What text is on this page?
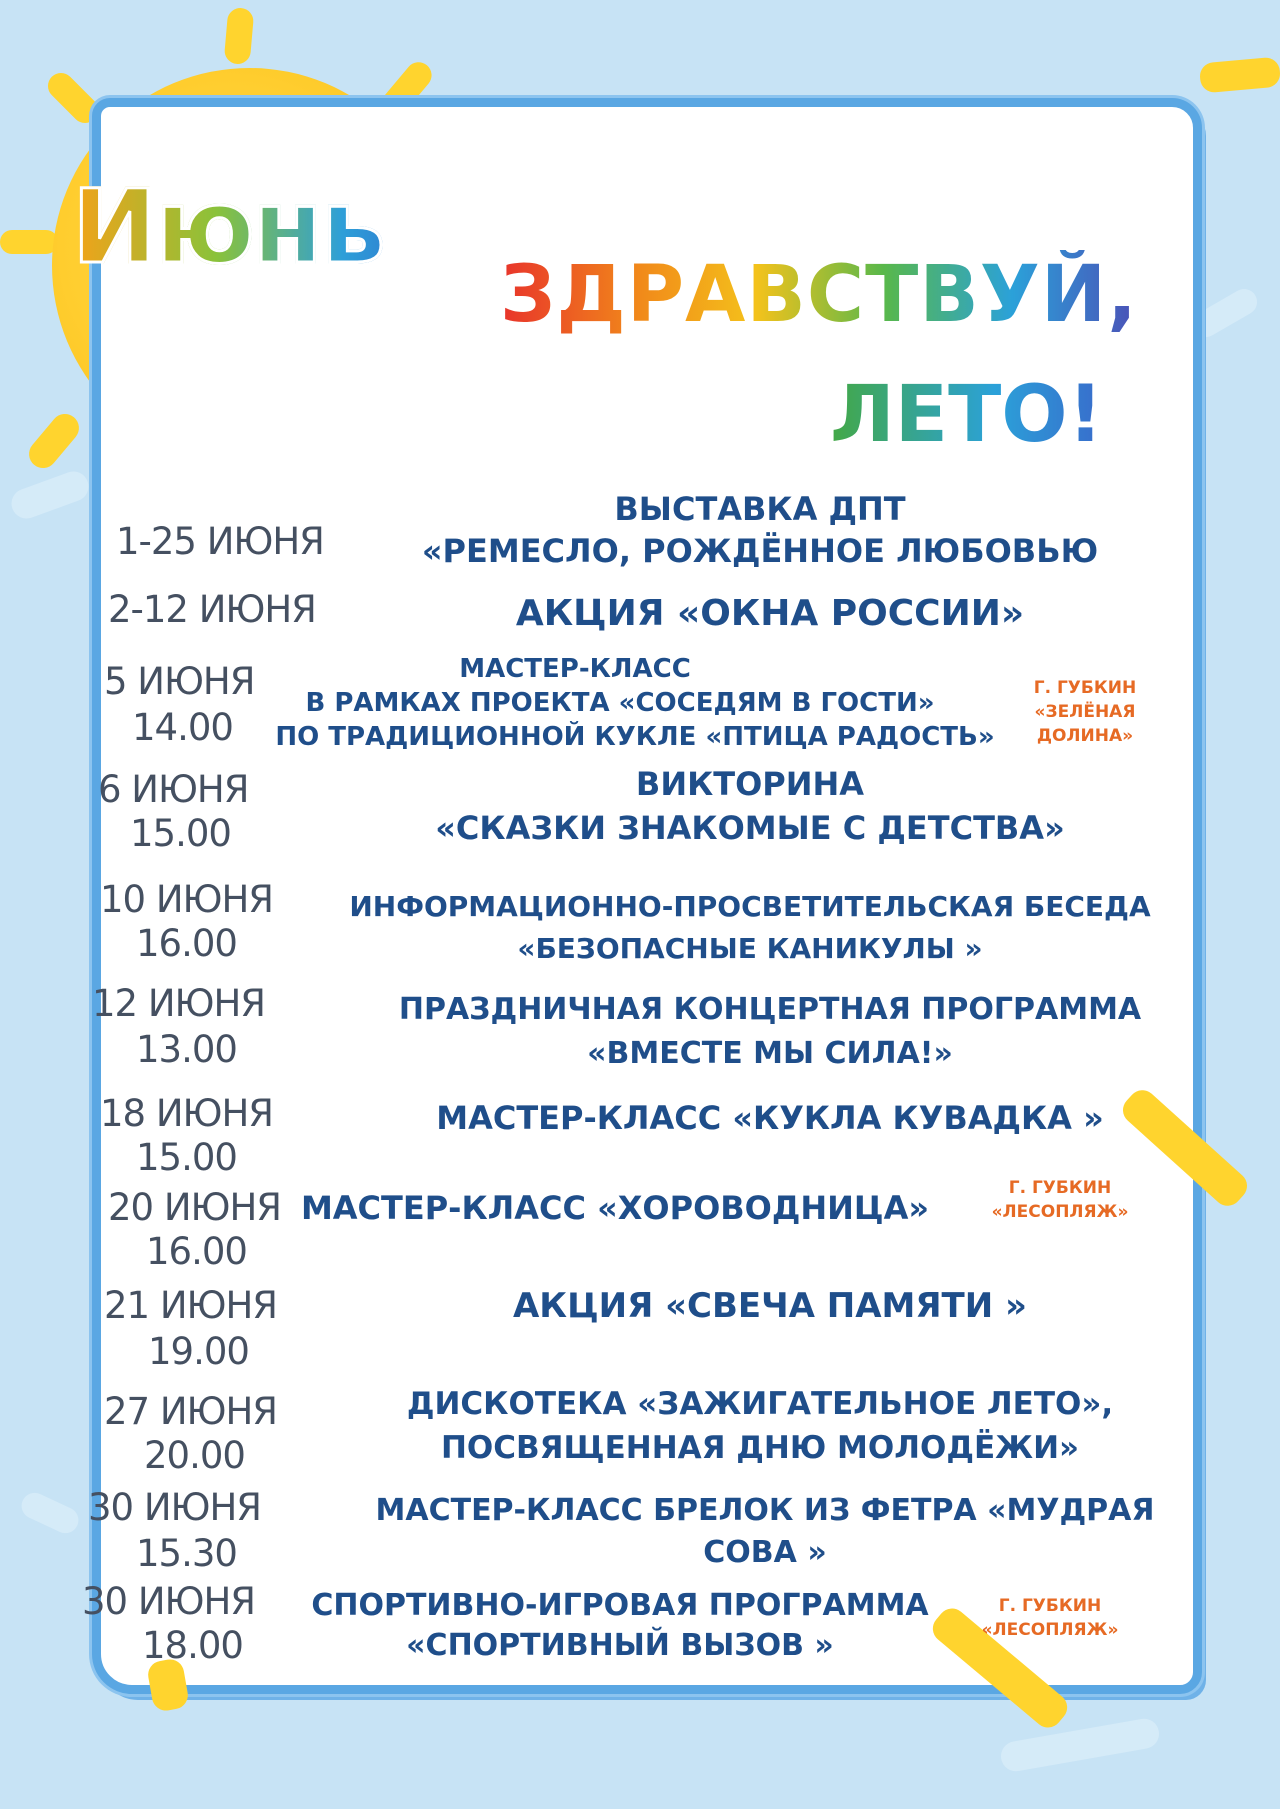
Июнь
ЗДРАВСТВУЙ,
ЛЕТО!
1-25 ИЮНЯ
ВЫСТАВКА ДПТ
«РЕМЕСЛО, РОЖДЁННОЕ ЛЮБОВЬЮ
2-12 ИЮНЯ	АКЦИЯ «ОКНА РОССИИ»
5 ИЮНЯ
14.00
МАСТЕР-КЛАСС
В РАМКАХ ПРОЕКТА «СОСЕДЯМ В ГОСТИ»
ПО ТРАДИЦИОННОЙ КУКЛЕ «ПТИЦА РАДОСТЬ»
Г. ГУБКИН
«ЗЕЛЁНАЯ
ДОЛИНА»
6 ИЮНЯ
15.00
ВИКТОРИНА
«СКАЗКИ ЗНАКОМЫЕ С ДЕТСТВА»
10 ИЮНЯ
16.00
ИНФОРМАЦИОННО-ПРОСВЕТИТЕЛЬСКАЯ БЕСЕДА
«БЕЗОПАСНЫЕ КАНИКУЛЫ »
12 ИЮНЯ
13.00
ПРАЗДНИЧНАЯ КОНЦЕРТНАЯ ПРОГРАММА
«ВМЕСТЕ МЫ СИЛА!»
18 ИЮНЯ
15.00
МАСТЕР-КЛАСС «КУКЛА КУВАДКА »
20 ИЮНЯ
16.00
МАСТЕР-КЛАСС «ХОРОВОДНИЦА»
Г. ГУБКИН
«ЛЕСОПЛЯЖ»
21 ИЮНЯ
19.00
АКЦИЯ «СВЕЧА ПАМЯТИ »
27 ИЮНЯ
20.00
ДИСКОТЕКА «ЗАЖИГАТЕЛЬНОЕ ЛЕТО»,
ПОСВЯЩЕННАЯ ДНЮ МОЛОДЁЖИ»
30 ИЮНЯ
15.30
МАСТЕР-КЛАСС БРЕЛОК ИЗ ФЕТРА «МУДРАЯ
СОВА »
30 ИЮНЯ
18.00
СПОРТИВНО-ИГРОВАЯ ПРОГРАММА
«СПОРТИВНЫЙ ВЫЗОВ »
Г. ГУБКИН
«ЛЕСОПЛЯЖ»
